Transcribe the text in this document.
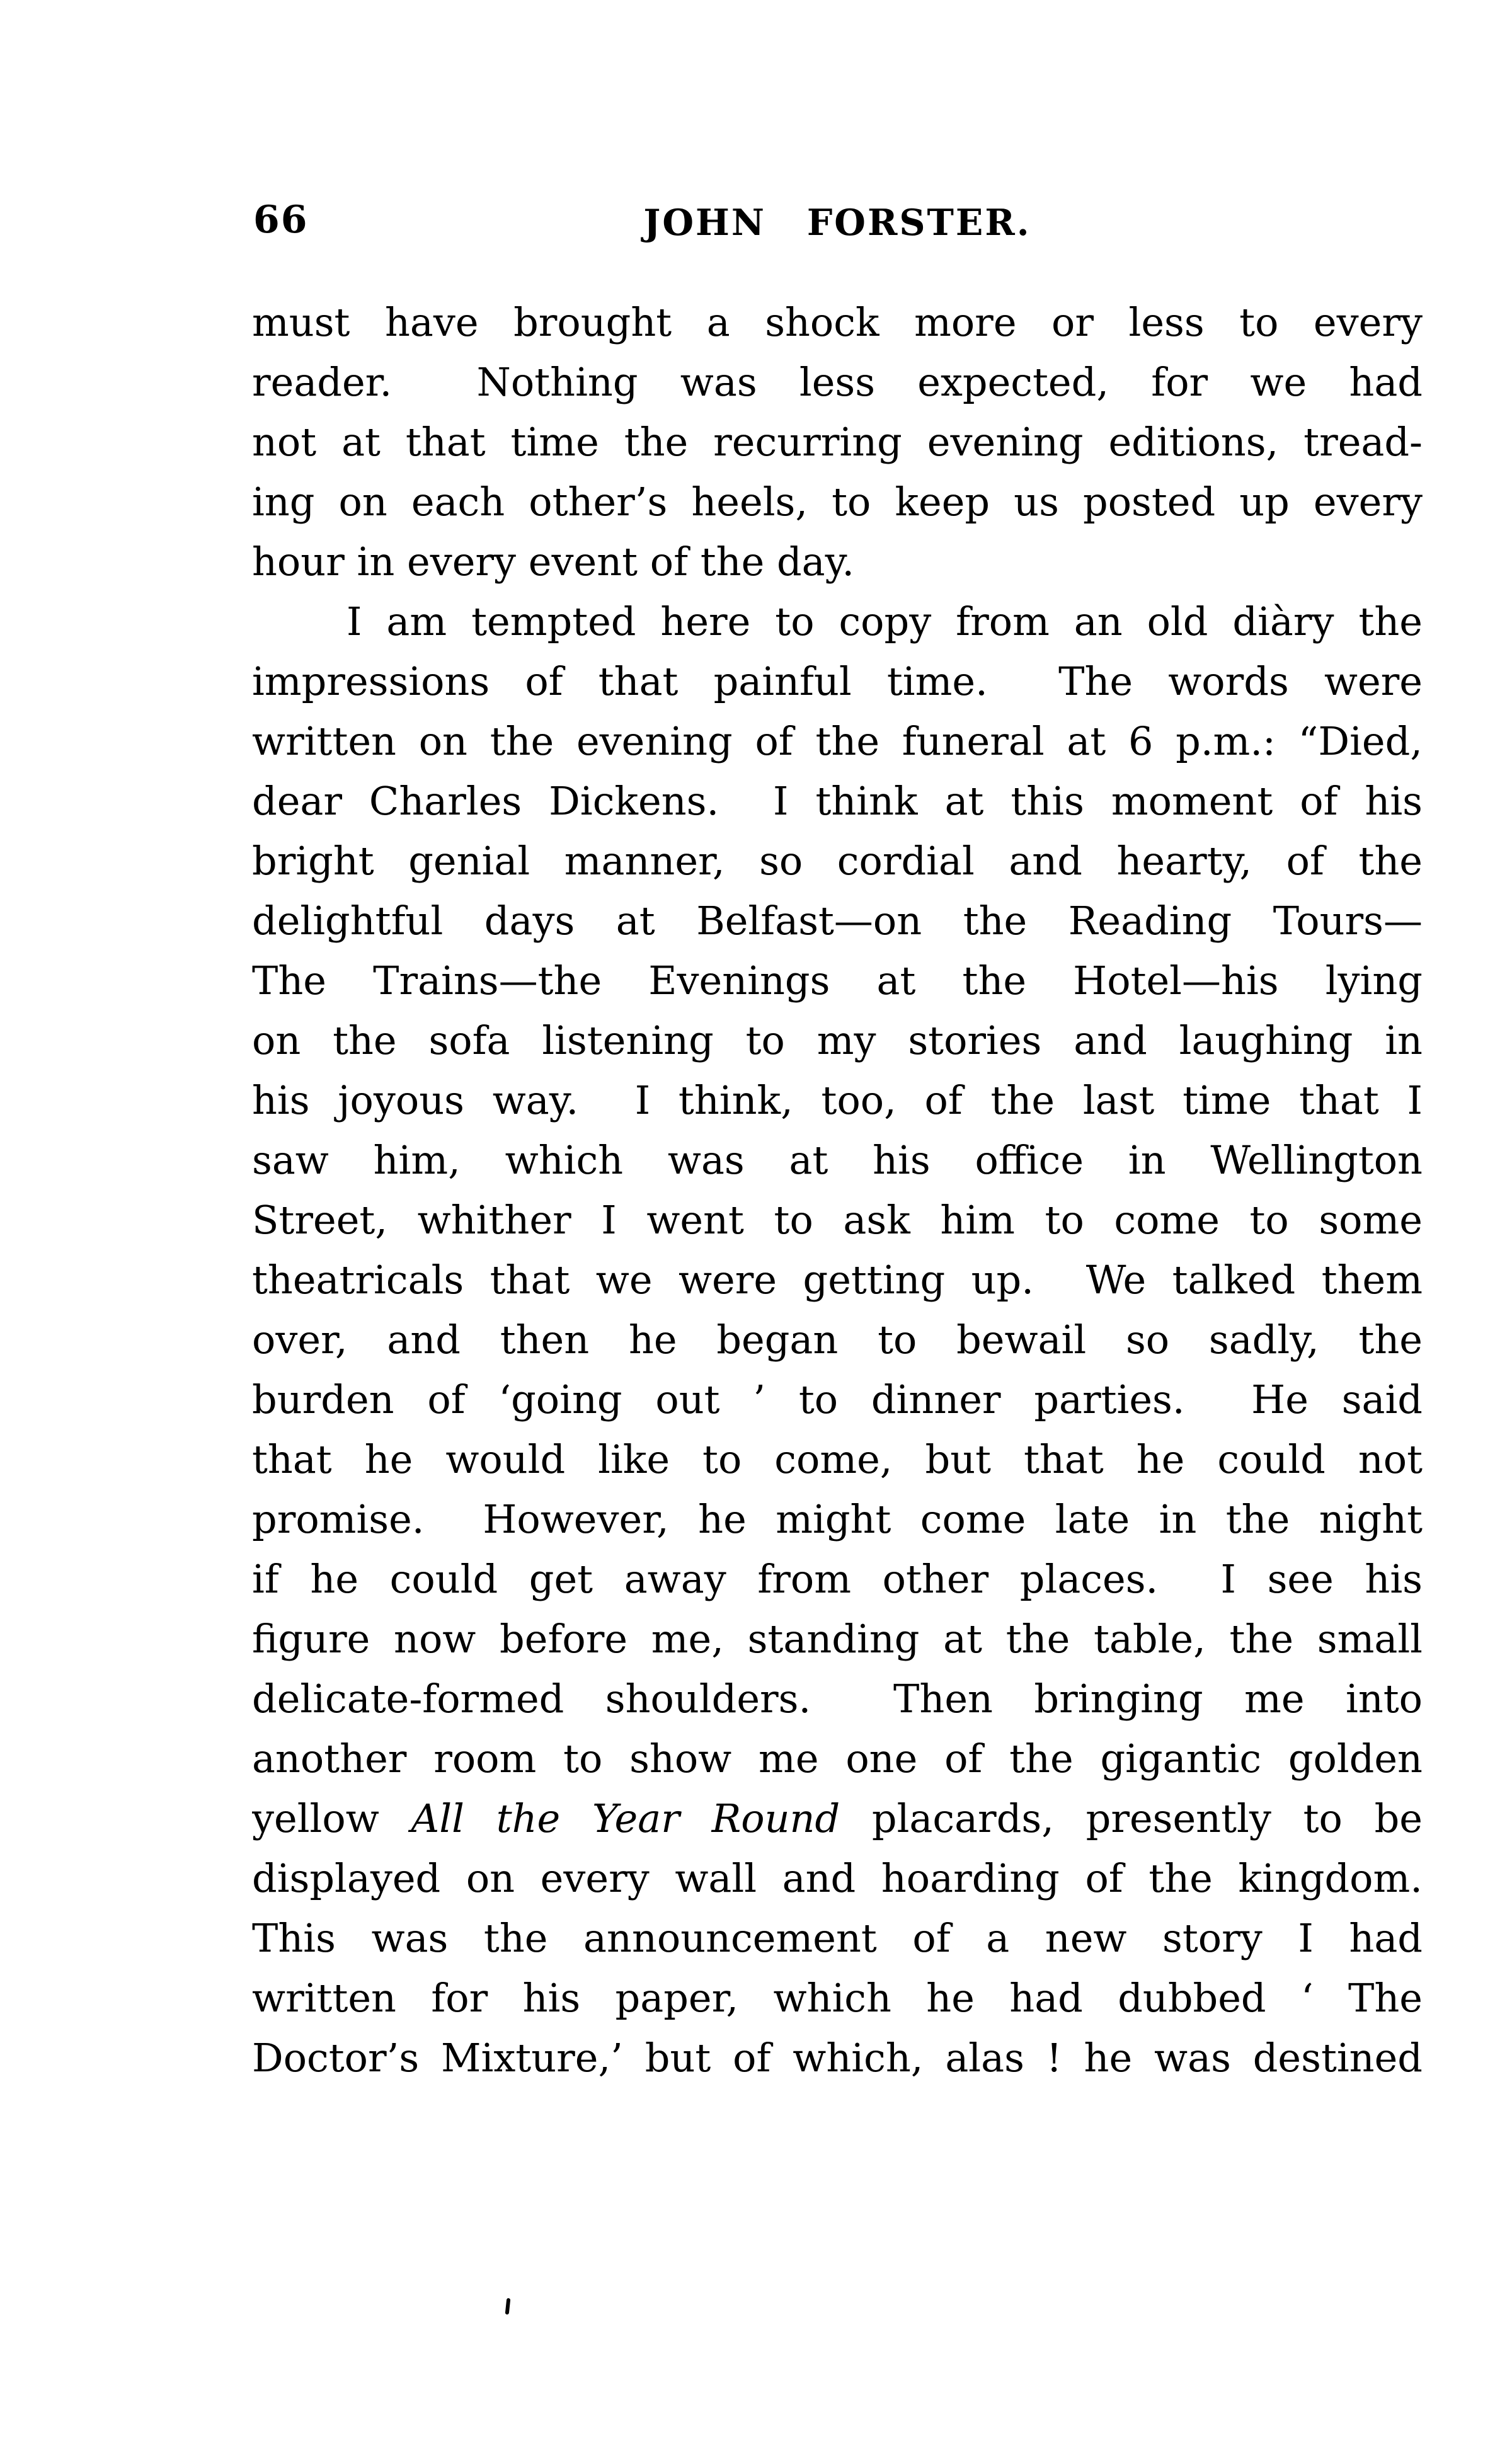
66	JOHN FORSTER.
must have brought a shock more or less to every
reader.  Nothing was less expected, for we had
not at that time the recurring evening editions, tread-
ing on each other’s heels, to keep us posted up every
hour in every event of the day.
I am tempted here to copy from an old diàry the
impressions of that painful time.  The words were
written on the evening of the funeral at 6 p.m.: “Died,
dear Charles Dickens.  I think at this moment of his
bright genial manner, so cordial and hearty, of the
delightful days at Belfast—on the Reading Tours—
The Trains—the Evenings at the Hotel—his lying
on the sofa listening to my stories and laughing in
his joyous way.  I think, too, of the last time that I
saw him, which was at his office in Wellington
Street, whither I went to ask him to come to some
theatricals that we were getting up.  We talked them
over, and then he began to bewail so sadly, the
burden of ‘going out ’ to dinner parties.  He said
that he would like to come, but that he could not
promise.  However, he might come late in the night
if he could get away from other places.  I see his
figure now before me, standing at the table, the small
delicate-formed shoulders.  Then bringing me into
another room to show me one of the gigantic golden
yellow All the Year Round placards, presently to be
displayed on every wall and hoarding of the kingdom.
This was the announcement of a new story I had
written for his paper, which he had dubbed ‘ The
Doctor’s Mixture,’ but of which, alas ! he was destined
